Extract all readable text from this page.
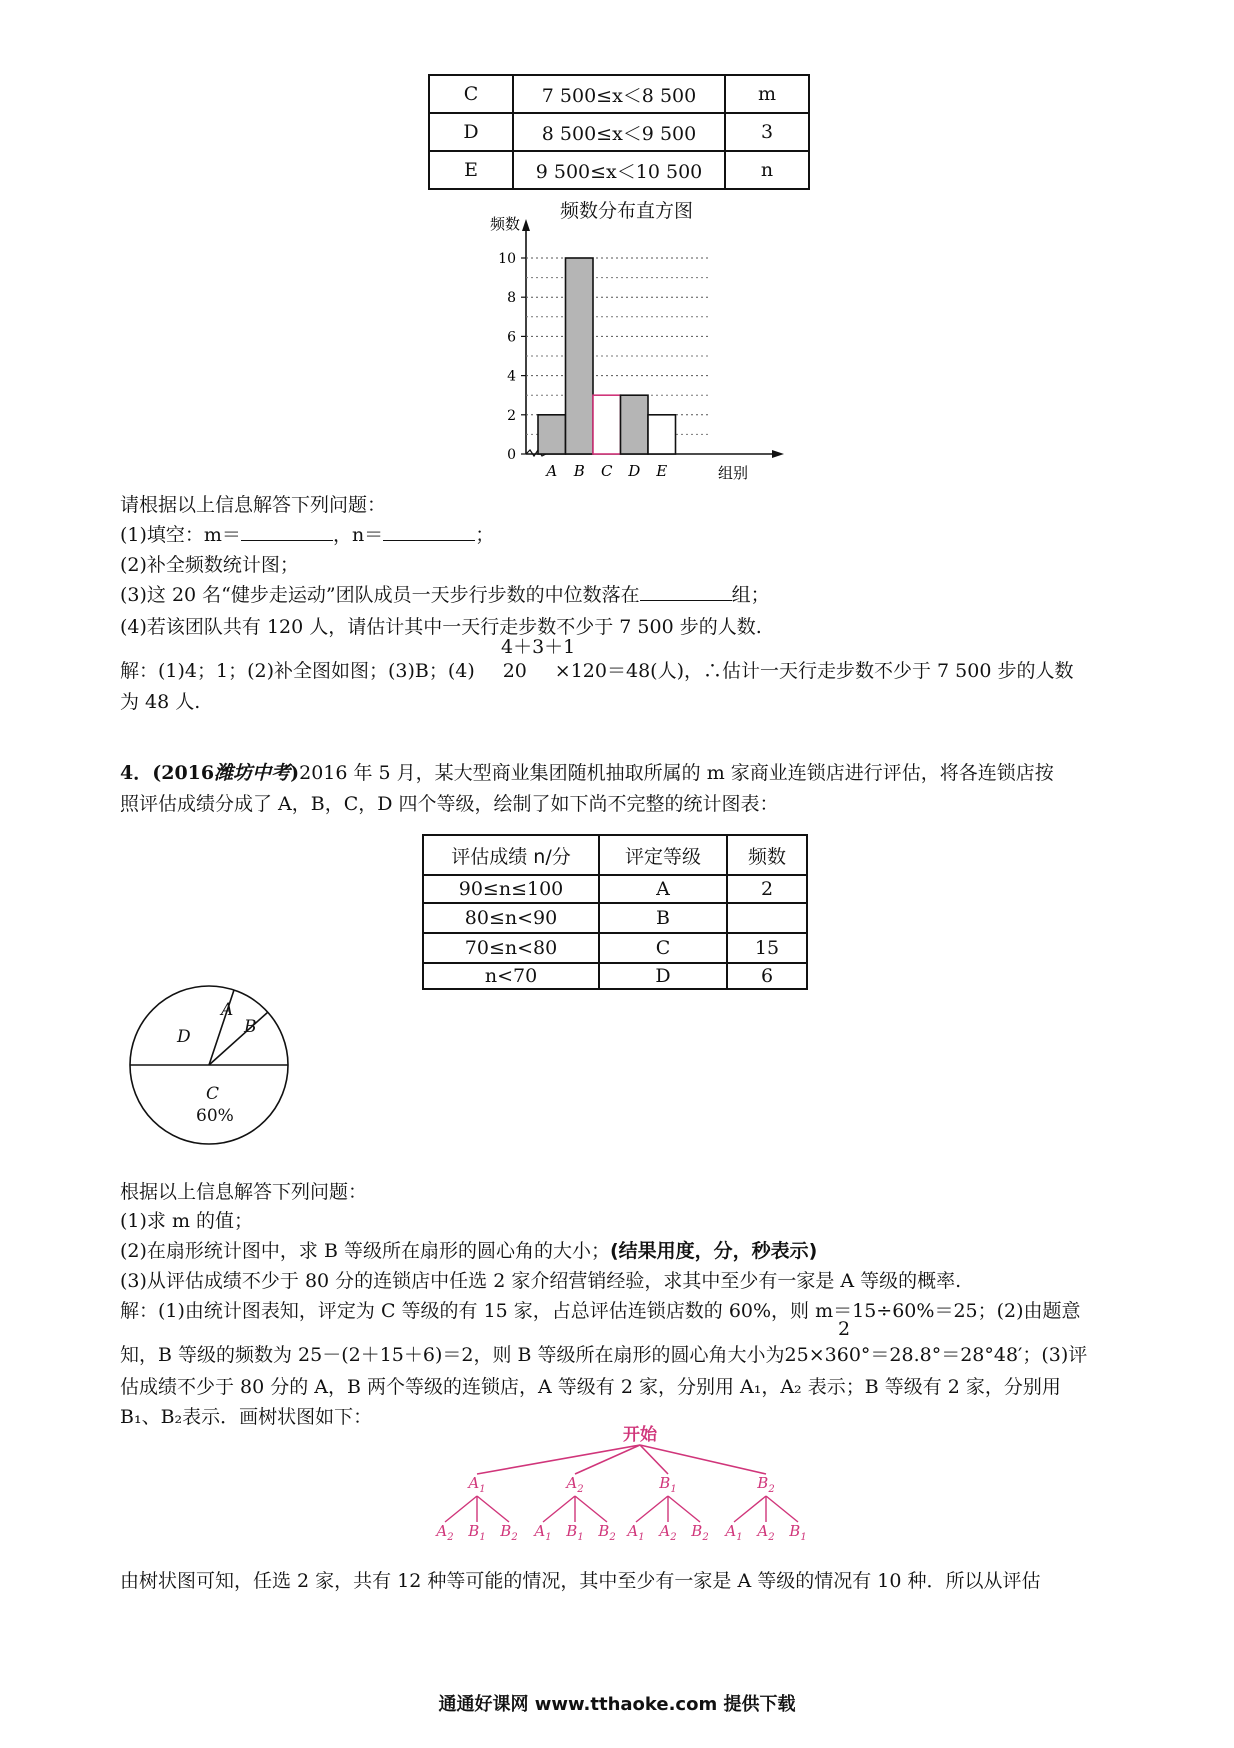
C	7 500≤x＜8 500	m
D	8 500≤x＜9 500	3
E	9 500≤x＜10 500	n
频数分布直方图
0
2
4
6
8
10
A B C D E
频数
组别
请根据以上信息解答下列问题：
(1)填空：m＝	，n＝	；
(2)补全频数统计图；
(3)这 20 名“健步走运动”团队成员一天步行步数的中位数落在	组；
(4)若该团队共有 120 人，请估计其中一天行走步数不少于 7 500 步的人数.
4＋3＋1
解：(1)4；1；(2)补全图如图；(3)B；(4) 20 ×120＝48(人)，∴估计一天行走步数不少于 7 500 步的人数
为 48 人.
4．(2016潍坊中考)2016 年 5 月，某大型商业集团随机抽取所属的 m 家商业连锁店进行评估，将各连锁店按
照评估成绩分成了 A，B，C，D 四个等级，绘制了如下尚不完整的统计图表：
评估成绩 n/分	评定等级	频数
90≤n≤100	A	2
80≤n<90	B	
70≤n<80	C	15
n<70	D	6
D
A
B
C
60%
根据以上信息解答下列问题：
(1)求 m 的值；
(2)在扇形统计图中，求 B 等级所在扇形的圆心角的大小；(结果用度，分，秒表示)
(3)从评估成绩不少于 80 分的连锁店中任选 2 家介绍营销经验，求其中至少有一家是 A 等级的概率.
解：(1)由统计图表知，评定为 C 等级的有 15 家，占总评估连锁店数的 60%，则 m＝15÷60%＝25；(2)由题意
2
知，B 等级的频数为 25－(2＋15＋6)＝2，则 B 等级所在扇形的圆心角大小为25×360°＝28.8°＝28°48′；(3)评
估成绩不少于 80 分的 A，B 两个等级的连锁店，A 等级有 2 家，分别用 A₁，A₂ 表示；B 等级有 2 家，分别用
B₁、B₂表示．画树状图如下：
开始
$A_1$
$A_2$ $B_1$ $B_2$
$A_2$
$A_1$ $B_1$ $B_2$
$B_1$
$A_1$ $A_2$ $B_2$
$B_2$
$A_1$ $A_2$ $B_1$
由树状图可知，任选 2 家，共有 12 种等可能的情况，其中至少有一家是 A 等级的情况有 10 种．所以从评估
通通好课网 www.tthaoke.com 提供下载
